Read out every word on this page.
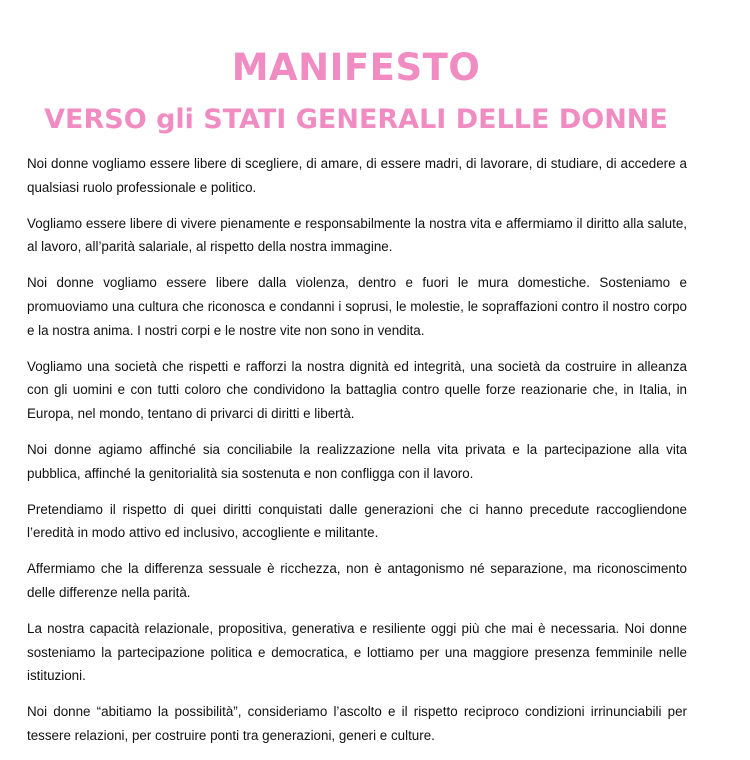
MANIFESTO
VERSO gli STATI GENERALI DELLE DONNE

Noi donne vogliamo essere libere di scegliere, di amare, di essere madri, di lavorare, di studiare, di accedere a qualsiasi ruolo professionale e politico.

Vogliamo essere libere di vivere pienamente e responsabilmente la nostra vita e affermiamo il diritto alla salute, al lavoro, all’parità salariale, al rispetto della nostra immagine.

Noi donne vogliamo essere libere dalla violenza, dentro e fuori le mura domestiche. Sosteniamo e promuoviamo una cultura che riconosca e condanni i soprusi, le molestie, le sopraffazioni contro il nostro corpo e la nostra anima. I nostri corpi e le nostre vite non sono in vendita.

Vogliamo una società che rispetti e rafforzi la nostra dignità ed integrità, una società da costruire in alleanza con gli uomini e con tutti coloro che condividono la battaglia contro quelle forze reazionarie che, in Italia, in Europa, nel mondo, tentano di privarci di diritti e libertà.

Noi donne agiamo affinché sia conciliabile la realizzazione nella vita privata e la partecipazione alla vita pubblica, affinché la genitorialità sia sostenuta e non confligga con il lavoro.

Pretendiamo il rispetto di quei diritti conquistati dalle generazioni che ci hanno precedute raccogliendone l’eredità in modo attivo ed inclusivo, accogliente e militante.

Affermiamo che la differenza sessuale è ricchezza, non è antagonismo né separazione, ma riconoscimento delle differenze nella parità.

La nostra capacità relazionale, propositiva, generativa e resiliente oggi più che mai è necessaria. Noi donne sosteniamo la partecipazione politica e democratica, e lottiamo per una maggiore presenza femminile nelle istituzioni.

Noi donne “abitiamo la possibilità”, consideriamo l’ascolto e il rispetto reciproco condizioni irrinunciabili per tessere relazioni, per costruire ponti tra generazioni, generi e culture.
